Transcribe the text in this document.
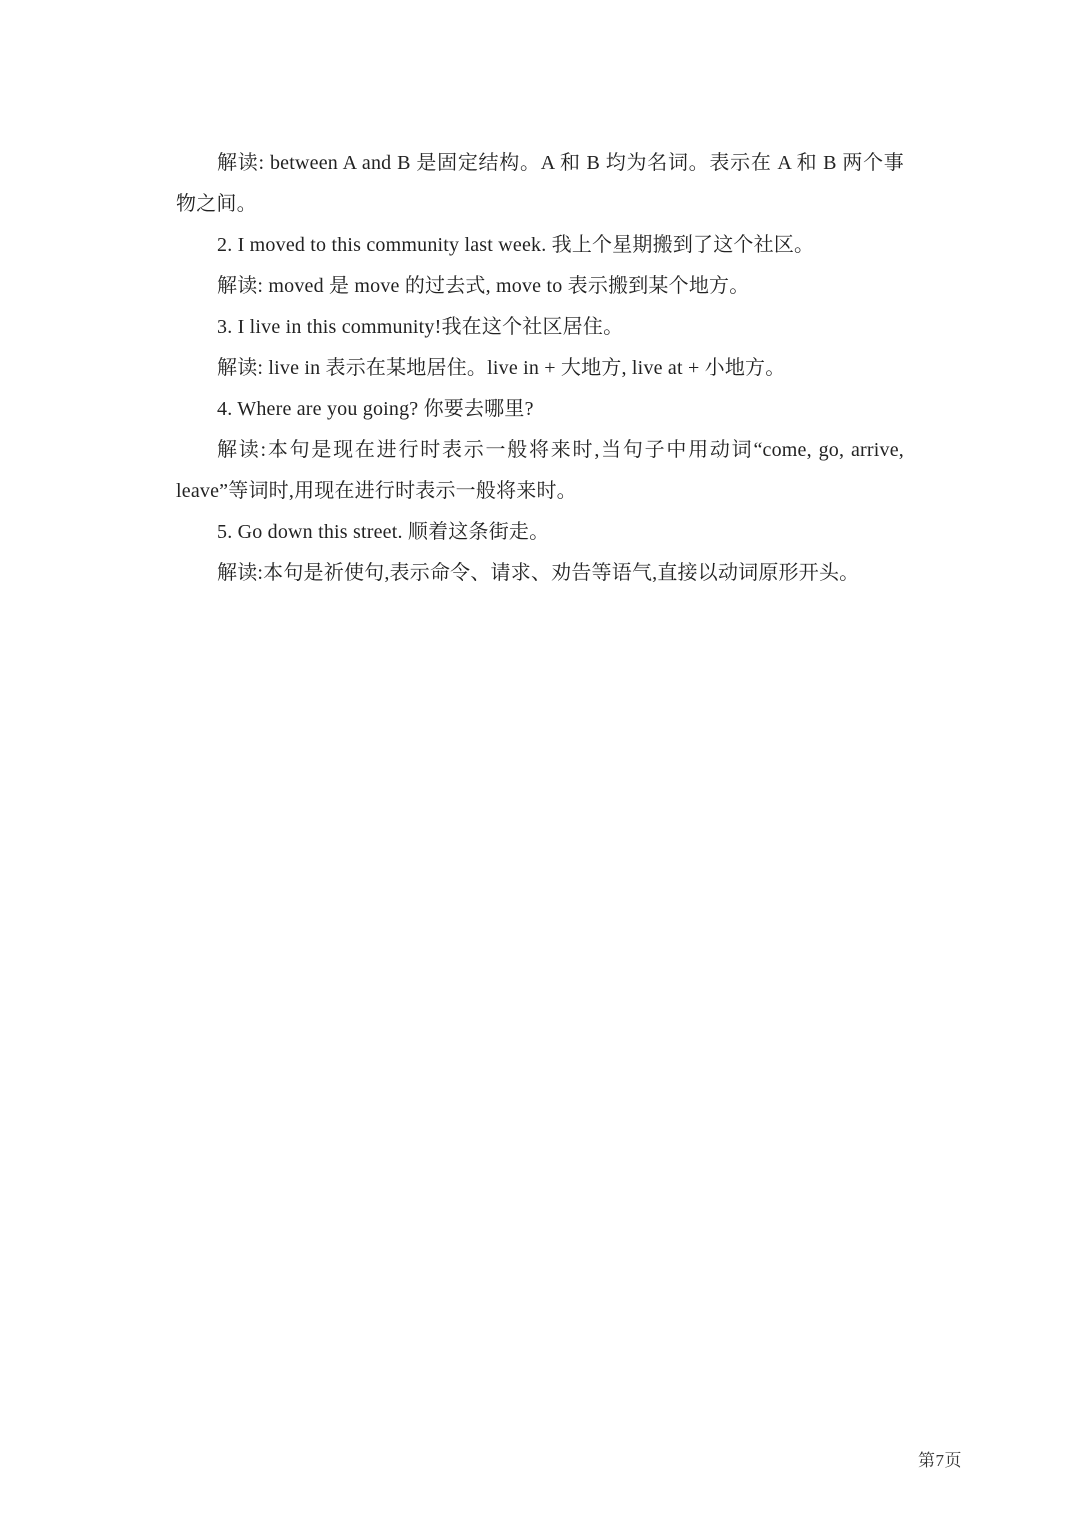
解读: between A and B 是固定结构。A 和 B 均为名词。表示在 A 和 B 两个事物之间。

2. I moved to this community last week. 我上个星期搬到了这个社区。

解读: moved 是 move 的过去式, move to 表示搬到某个地方。

3. I live in this community!我在这个社区居住。

解读: live in 表示在某地居住。live in + 大地方, live at + 小地方。

4. Where are you going? 你要去哪里?

解读:本句是现在进行时表示一般将来时,当句子中用动词“come, go, arrive, leave”等词时,用现在进行时表示一般将来时。

5. Go down this street. 顺着这条街走。

解读:本句是祈使句,表示命令、请求、劝告等语气,直接以动词原形开头。

第7页
